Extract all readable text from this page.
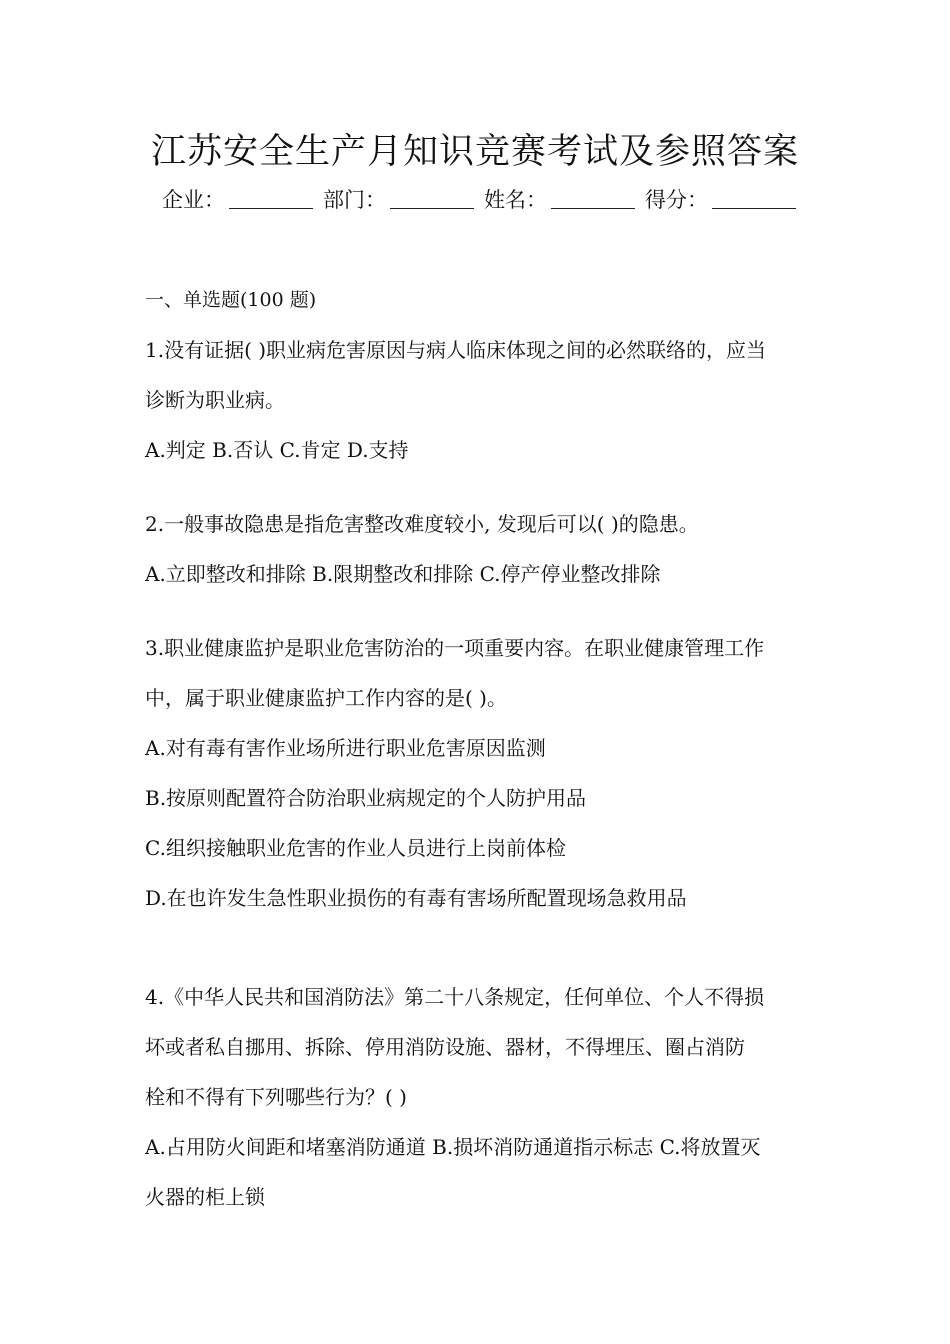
江苏安全生产月知识竞赛考试及参照答案
企业：	部门：	姓名：	得分：
一、单选题(100 题)
1.没有证据( )职业病危害原因与病人临床体现之间的必然联络的，应当
诊断为职业病。
A.判定 B.否认 C.肯定 D.支持
2.一般事故隐患是指危害整改难度较小, 发现后可以( )的隐患。
A.立即整改和排除 B.限期整改和排除 C.停产停业整改排除
3.职业健康监护是职业危害防治的一项重要内容。在职业健康管理工作
中，属于职业健康监护工作内容的是( )。
A.对有毒有害作业场所进行职业危害原因监测
B.按原则配置符合防治职业病规定的个人防护用品
C.组织接触职业危害的作业人员进行上岗前体检
D.在也许发生急性职业损伤的有毒有害场所配置现场急救用品
4.《中华人民共和国消防法》第二十八条规定，任何单位、个人不得损
坏或者私自挪用、拆除、停用消防设施、器材，不得埋压、圈占消防
栓和不得有下列哪些行为？( )
A.占用防火间距和堵塞消防通道 B.损坏消防通道指示标志 C.将放置灭
火器的柜上锁
